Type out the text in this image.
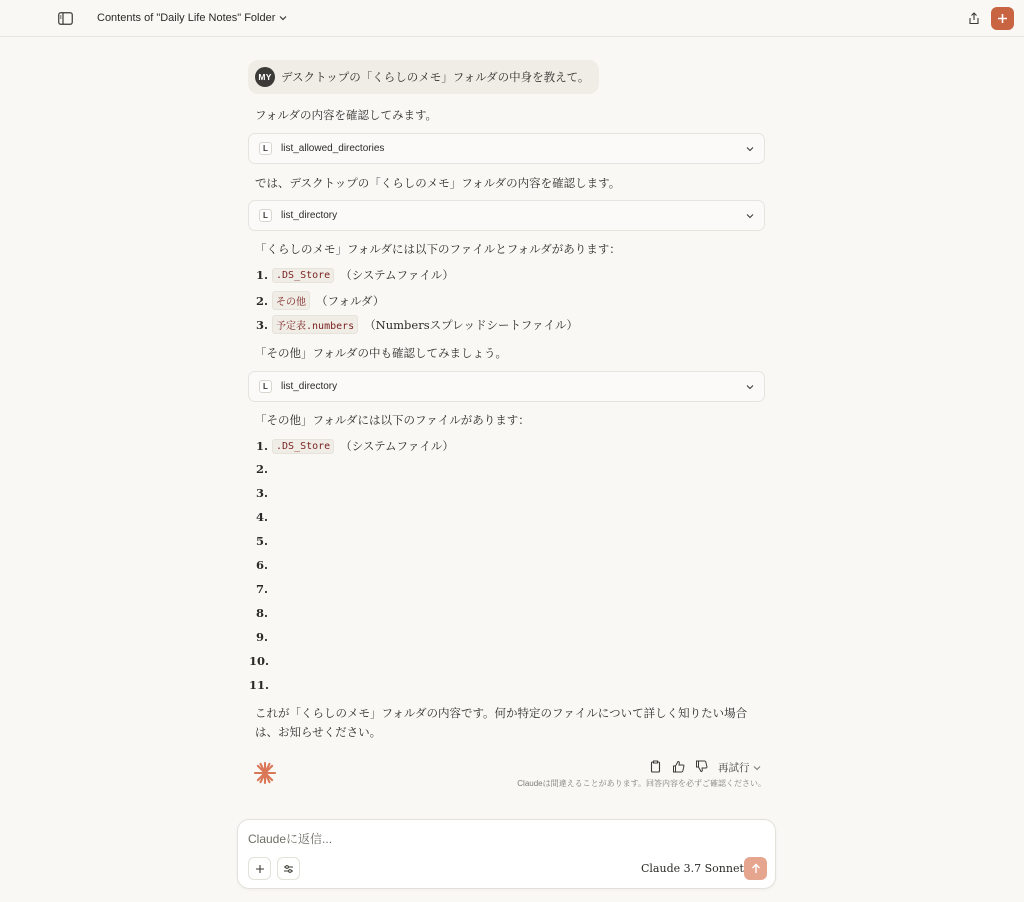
Contents of "Daily Life Notes" Folder
MY デスクトップの「くらしのメモ」フォルダの中身を教えて。
フォルダの内容を確認してみます。
L	list_allowed_directories
では、デスクトップの「くらしのメモ」フォルダの内容を確認します。
L	list_directory
「くらしのメモ」フォルダには以下のファイルとフォルダがあります：
1. .DS_Store （システムファイル）
2. その他 （フォルダ）
3. 予定表.numbers （Numbersスプレッドシートファイル）
「その他」フォルダの中も確認してみましょう。
L	list_directory
「その他」フォルダには以下のファイルがあります：
1. .DS_Store （システムファイル）
2.
3.
4.
5.
6.
7.
8.
9.
10.
11.
これが「くらしのメモ」フォルダの内容です。何か特定のファイルについて詳しく知りたい場合
は、お知らせください。
再試行
Claudeは間違えることがあります。回答内容を必ずご確認ください。
Claudeに返信...
Claude 3.7 Sonnet
